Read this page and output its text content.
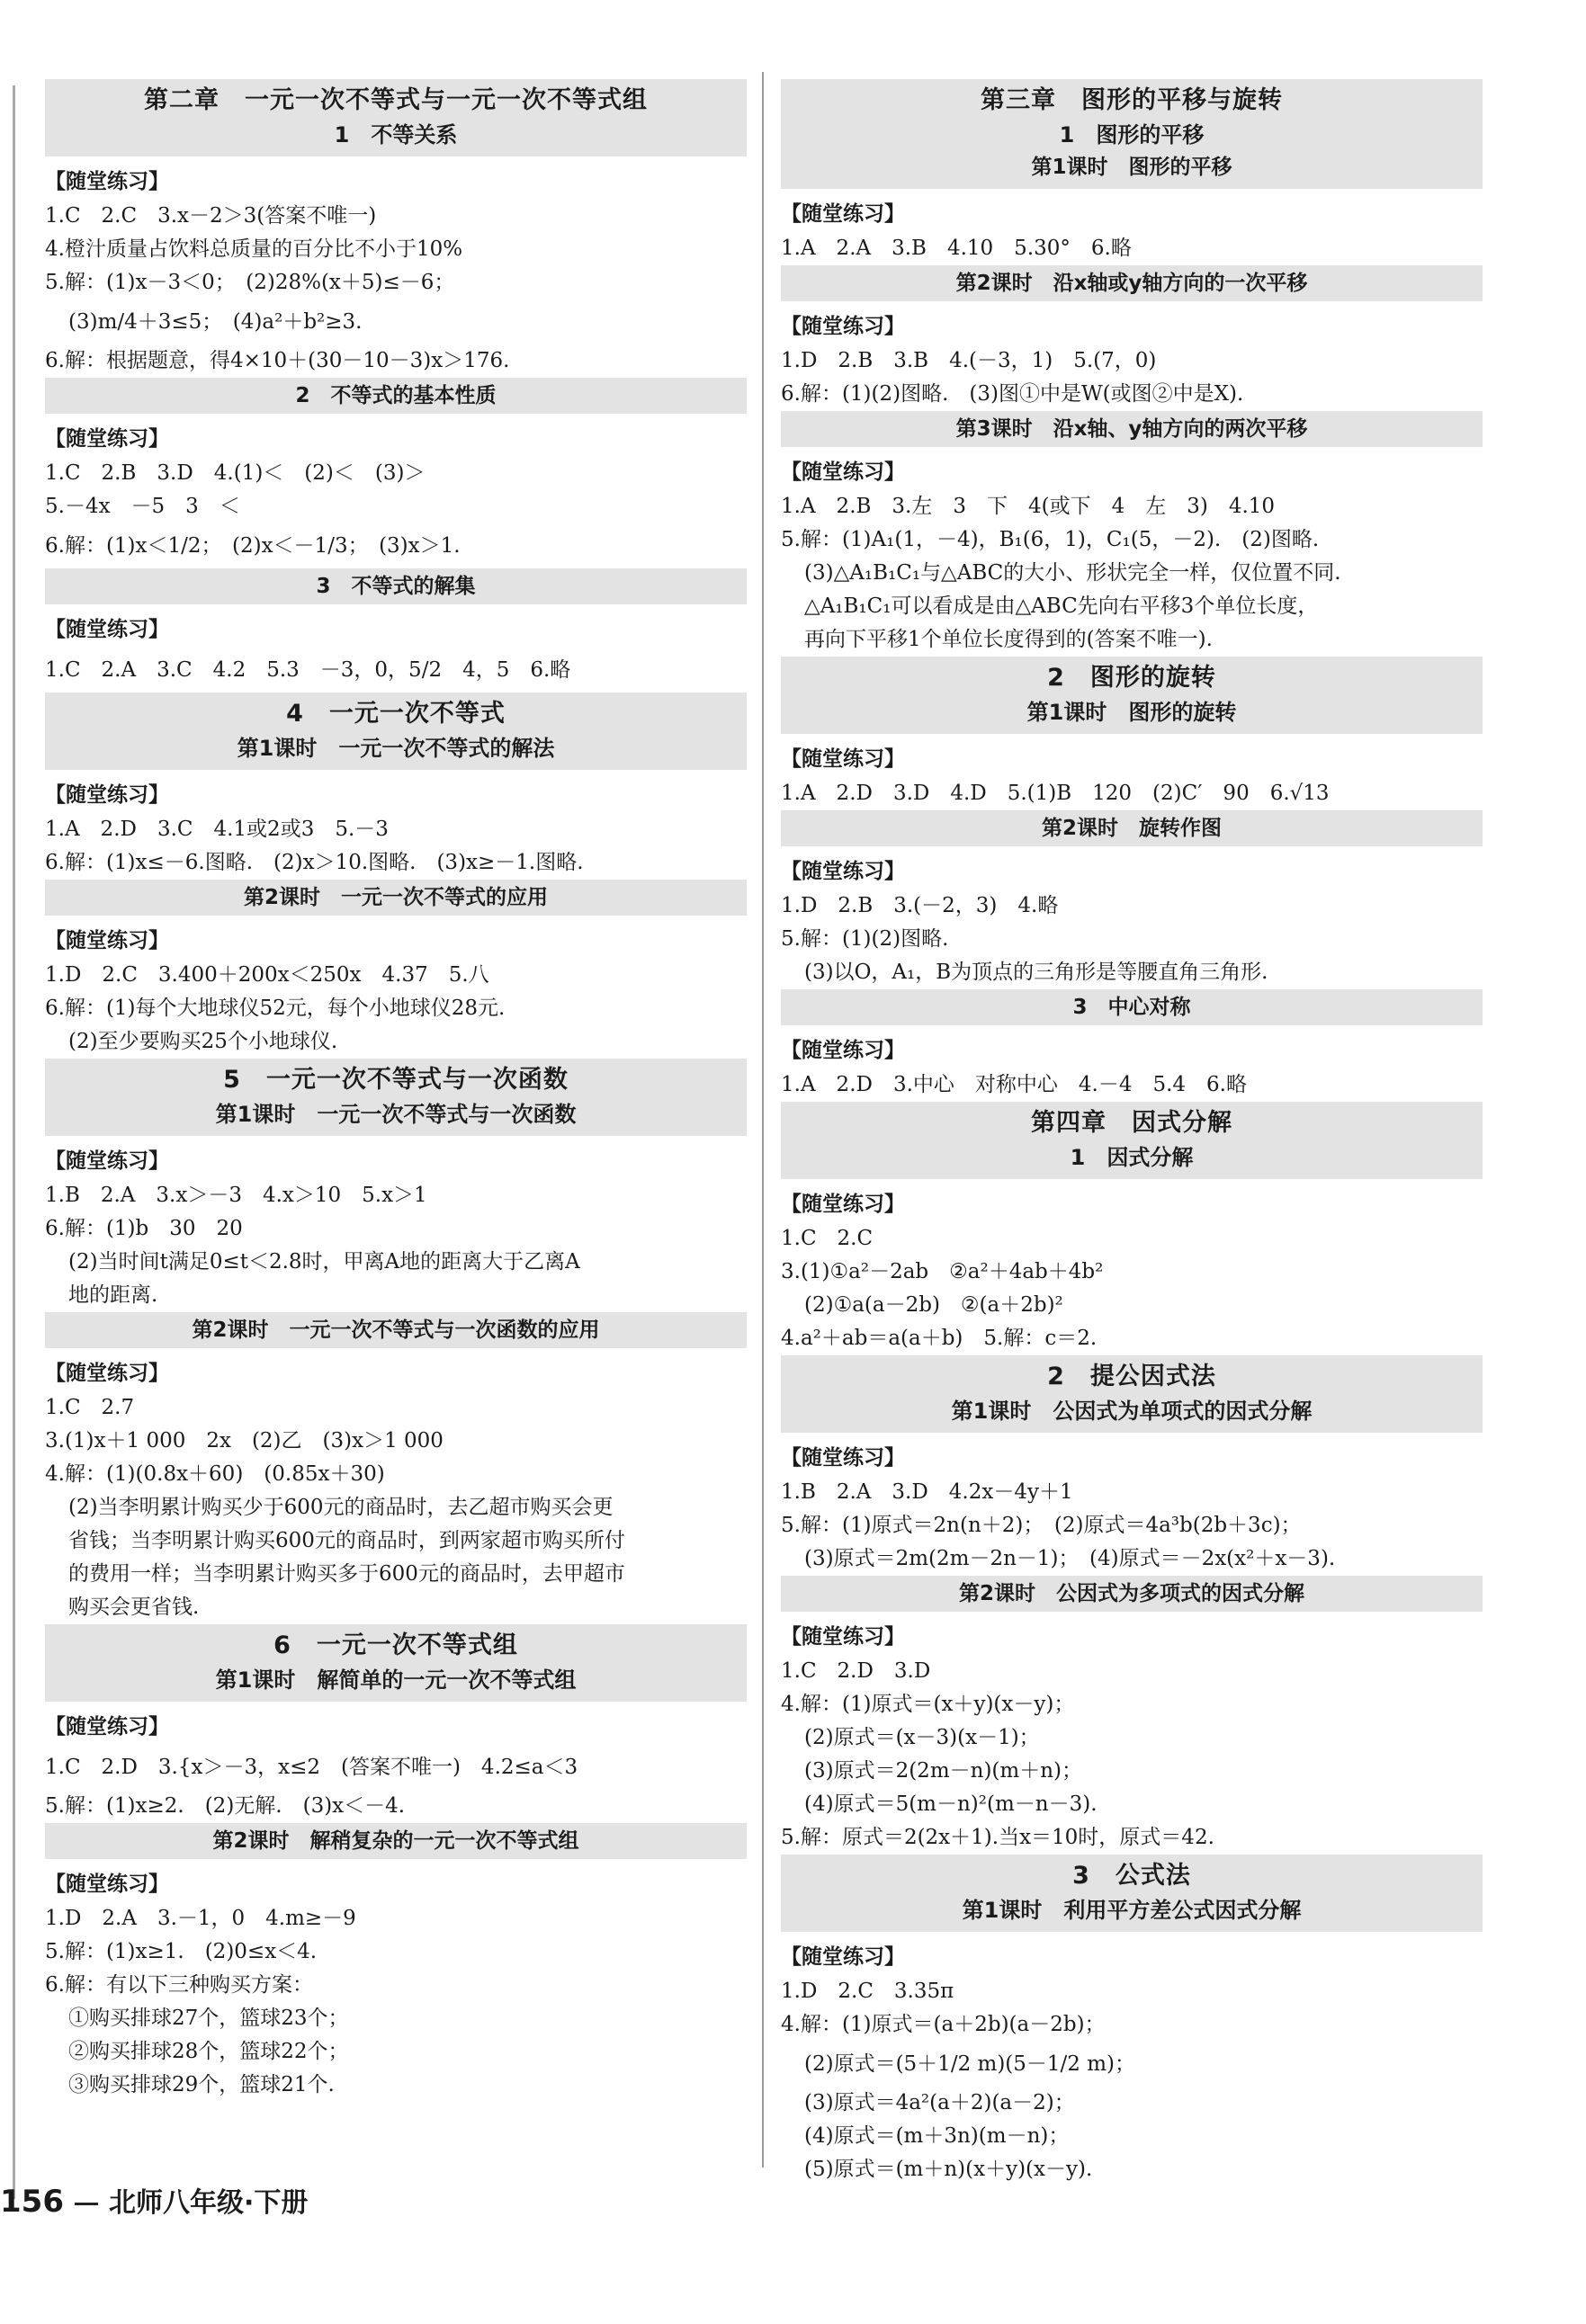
第二章　一元一次不等式与一元一次不等式组
1　不等关系
【随堂练习】
1.C　2.C　3.x－2＞3(答案不唯一)
4.橙汁质量占饮料总质量的百分比不小于10%
5.解：(1)x－3＜0；　(2)28%(x＋5)≤－6；
(3)m/4＋3≤5；　(4)a²＋b²≥3.
6.解：根据题意，得4×10＋(30－10－3)x＞176.
2　不等式的基本性质
【随堂练习】
1.C　2.B　3.D　4.(1)＜　(2)＜　(3)＞
5.－4x　－5　3　＜
6.解：(1)x＜1/2；　(2)x＜－1/3；　(3)x＞1.
3　不等式的解集
【随堂练习】
1.C　2.A　3.C　4.2　5.3　－3，0，5/2　4，5　6.略
4　一元一次不等式
第1课时　一元一次不等式的解法
【随堂练习】
1.A　2.D　3.C　4.1或2或3　5.－3
6.解：(1)x≤－6.图略.　(2)x＞10.图略.　(3)x≥－1.图略.
第2课时　一元一次不等式的应用
【随堂练习】
1.D　2.C　3.400＋200x＜250x　4.37　5.八
6.解：(1)每个大地球仪52元，每个小地球仪28元.
(2)至少要购买25个小地球仪.
5　一元一次不等式与一次函数
第1课时　一元一次不等式与一次函数
【随堂练习】
1.B　2.A　3.x＞－3　4.x＞10　5.x＞1
6.解：(1)b　30　20
(2)当时间t满足0≤t＜2.8时，甲离A地的距离大于乙离A
地的距离.
第2课时　一元一次不等式与一次函数的应用
【随堂练习】
1.C　2.7
3.(1)x＋1 000　2x　(2)乙　(3)x＞1 000
4.解：(1)(0.8x＋60)　(0.85x＋30)
(2)当李明累计购买少于600元的商品时，去乙超市购买会更
省钱；当李明累计购买600元的商品时，到两家超市购买所付
的费用一样；当李明累计购买多于600元的商品时，去甲超市
购买会更省钱.
6　一元一次不等式组
第1课时　解简单的一元一次不等式组
【随堂练习】
1.C　2.D　3.{x＞－3，x≤2　(答案不唯一)　4.2≤a＜3
5.解：(1)x≥2.　(2)无解.　(3)x＜－4.
第2课时　解稍复杂的一元一次不等式组
【随堂练习】
1.D　2.A　3.－1，0　4.m≥－9
5.解：(1)x≥1.　(2)0≤x＜4.
6.解：有以下三种购买方案：
①购买排球27个，篮球23个；
②购买排球28个，篮球22个；
③购买排球29个，篮球21个.
第三章　图形的平移与旋转
1　图形的平移
第1课时　图形的平移
【随堂练习】
1.A　2.A　3.B　4.10　5.30°　6.略
第2课时　沿x轴或y轴方向的一次平移
【随堂练习】
1.D　2.B　3.B　4.(－3，1)　5.(7，0)
6.解：(1)(2)图略.　(3)图①中是W(或图②中是X).
第3课时　沿x轴、y轴方向的两次平移
【随堂练习】
1.A　2.B　3.左　3　下　4(或下　4　左　3)　4.10
5.解：(1)A₁(1，－4)，B₁(6，1)，C₁(5，－2).　(2)图略.
(3)△A₁B₁C₁与△ABC的大小、形状完全一样，仅位置不同.
△A₁B₁C₁可以看成是由△ABC先向右平移3个单位长度，
再向下平移1个单位长度得到的(答案不唯一).
2　图形的旋转
第1课时　图形的旋转
【随堂练习】
1.A　2.D　3.D　4.D　5.(1)B　120　(2)C′　90　6.√13
第2课时　旋转作图
【随堂练习】
1.D　2.B　3.(－2，3)　4.略
5.解：(1)(2)图略.
(3)以O，A₁，B为顶点的三角形是等腰直角三角形.
3　中心对称
【随堂练习】
1.A　2.D　3.中心　对称中心　4.－4　5.4　6.略
第四章　因式分解
1　因式分解
【随堂练习】
1.C　2.C
3.(1)①a²－2ab　②a²＋4ab＋4b²
(2)①a(a－2b)　②(a＋2b)²
4.a²＋ab＝a(a＋b)　5.解：c＝2.
2　提公因式法
第1课时　公因式为单项式的因式分解
【随堂练习】
1.B　2.A　3.D　4.2x－4y＋1
5.解：(1)原式＝2n(n＋2)；　(2)原式＝4a³b(2b＋3c)；
(3)原式＝2m(2m－2n－1)；　(4)原式＝－2x(x²＋x－3).
第2课时　公因式为多项式的因式分解
【随堂练习】
1.C　2.D　3.D
4.解：(1)原式＝(x＋y)(x－y)；
(2)原式＝(x－3)(x－1)；
(3)原式＝2(2m－n)(m＋n)；
(4)原式＝5(m－n)²(m－n－3).
5.解：原式＝2(2x＋1).当x＝10时，原式＝42.
3　公式法
第1课时　利用平方差公式因式分解
【随堂练习】
1.D　2.C　3.35π
4.解：(1)原式＝(a＋2b)(a－2b)；
(2)原式＝(5＋1/2 m)(5－1/2 m)；
(3)原式＝4a²(a＋2)(a－2)；
(4)原式＝(m＋3n)(m－n)；
(5)原式＝(m＋n)(x＋y)(x－y).
156 北师八年级·下册
